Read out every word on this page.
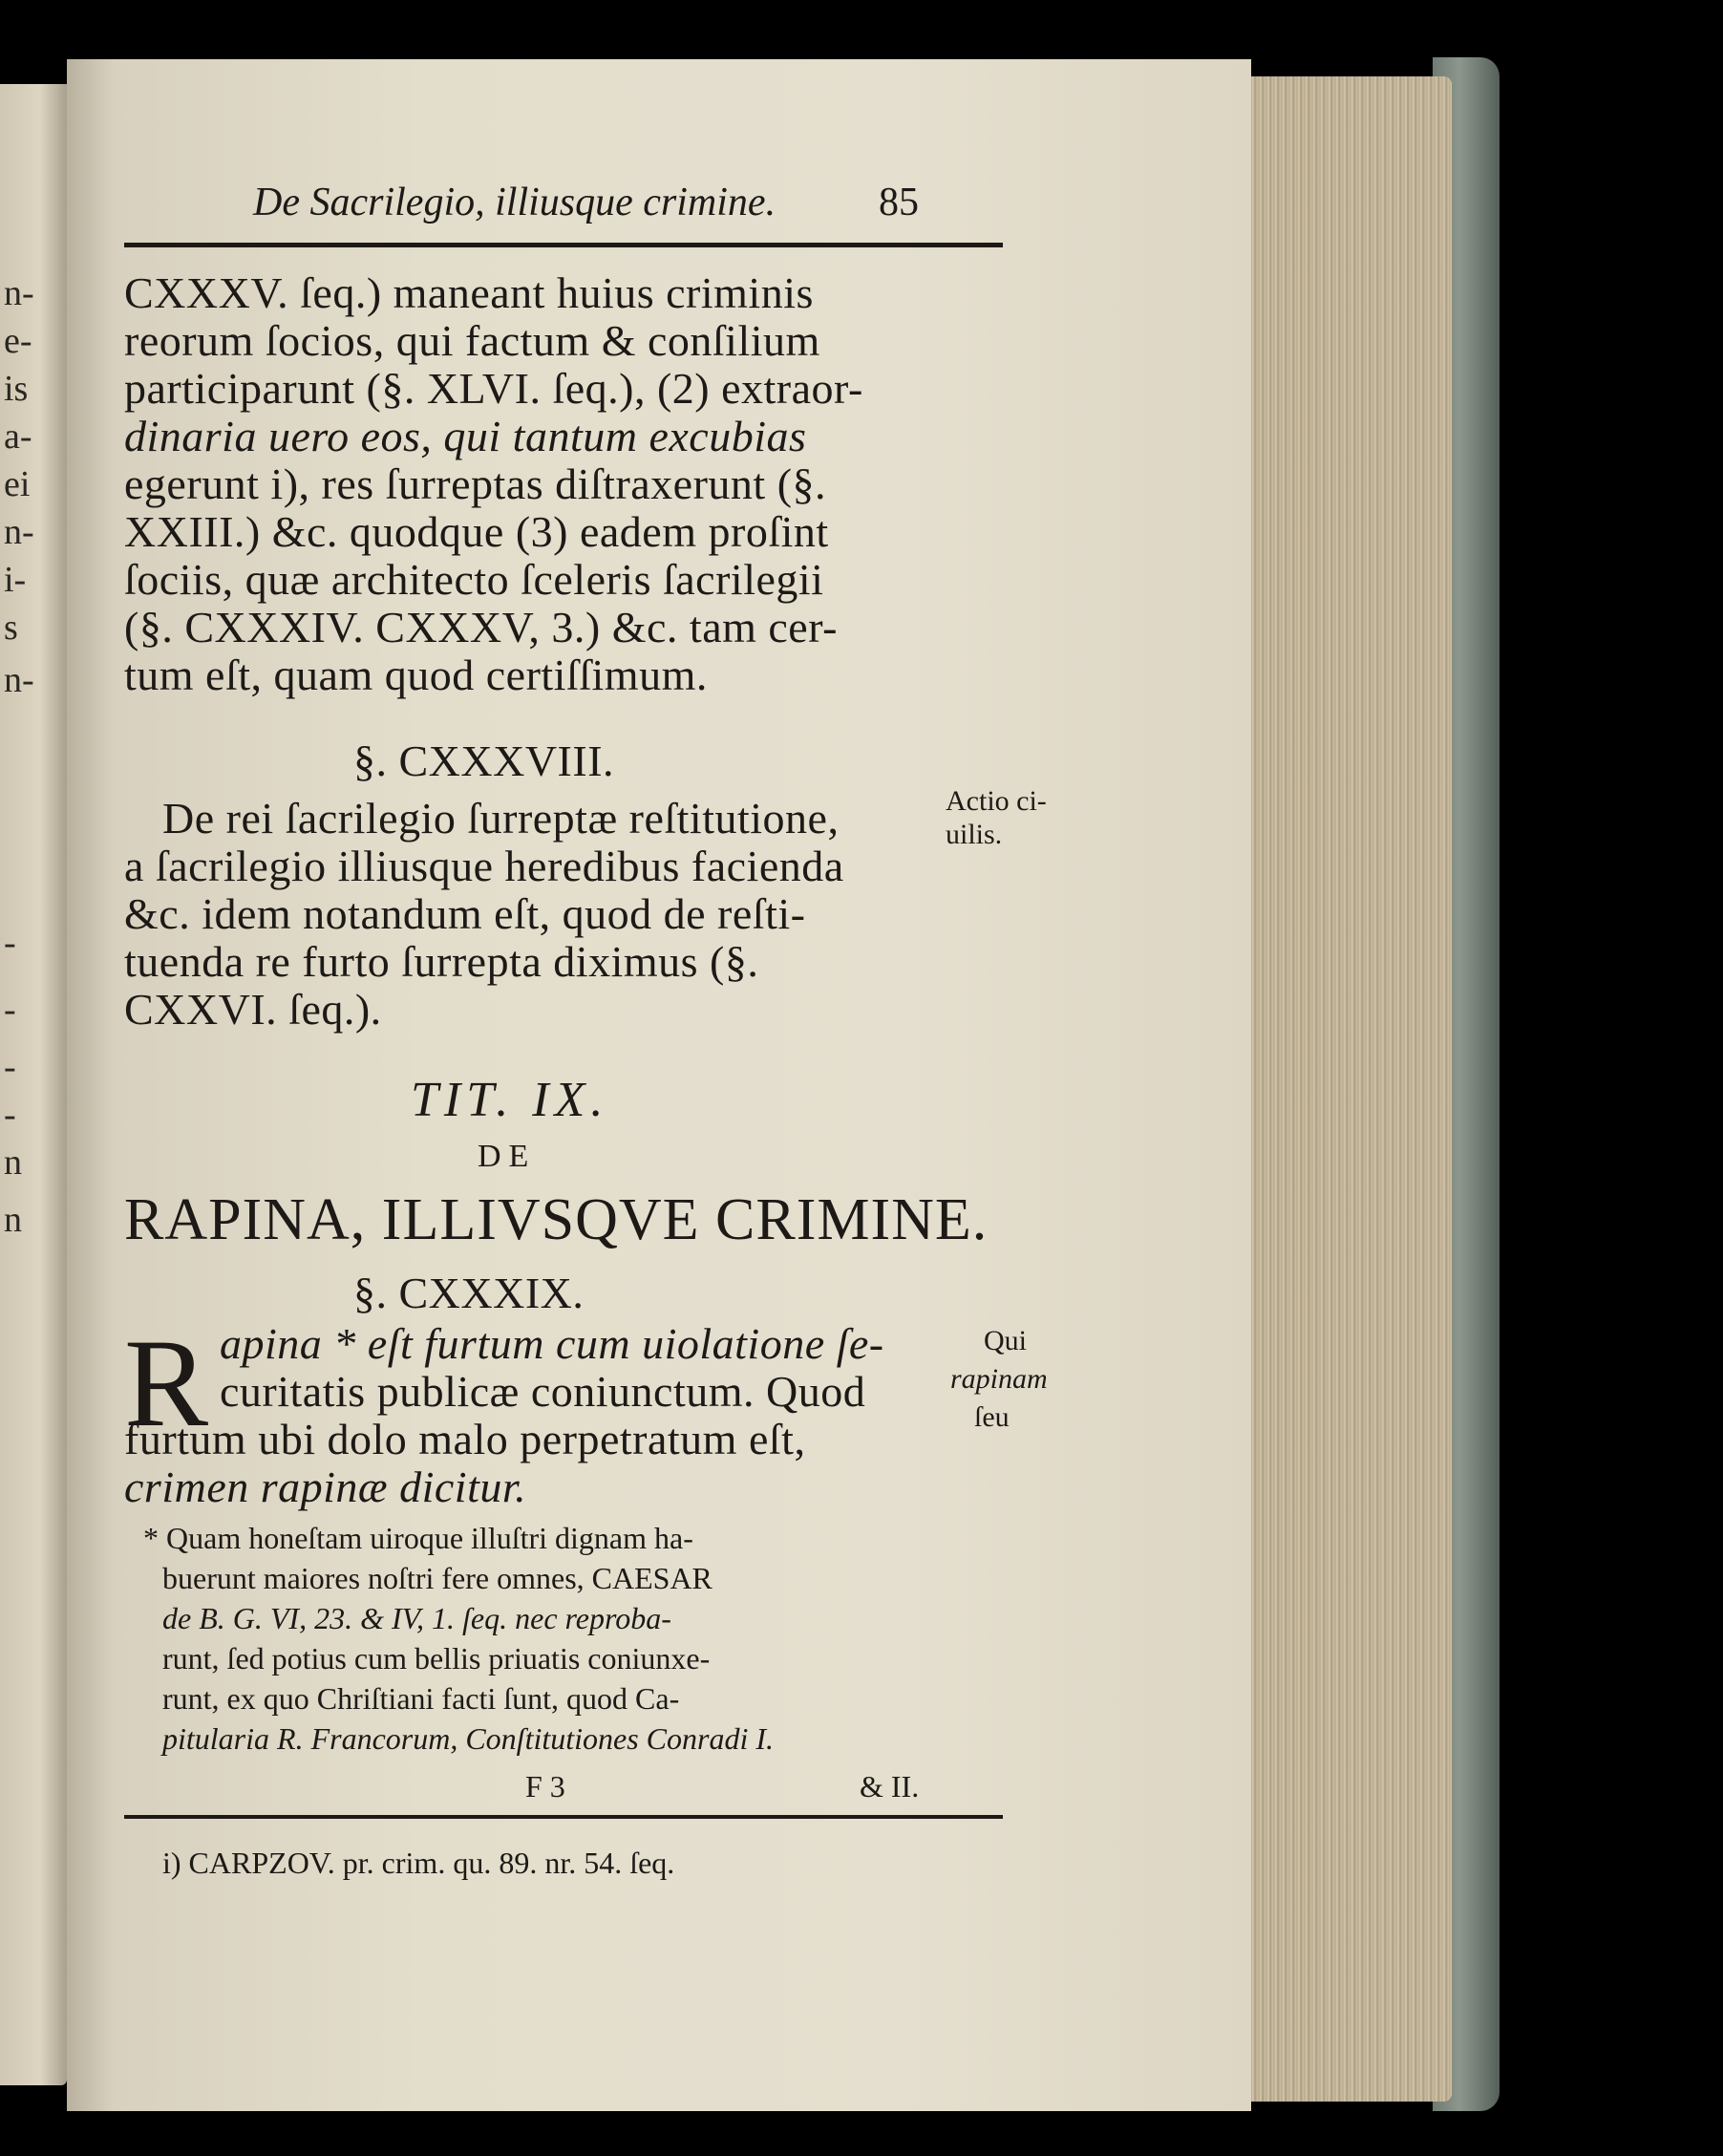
n-
e-
is
a-
ei
n-
i-
s
n-
-
-
-
-
n
n
De Sacrilegio, illiusque crimine.	85
CXXXV. ſeq.) maneant huius criminis
reorum ſocios, qui factum & conſilium
participarunt (§. XLVI. ſeq.), (2) extraor-
dinaria uero eos, qui tantum excubias
egerunt i), res ſurreptas diſtraxerunt (§.
XXIII.) &c. quodque (3) eadem proſint
ſociis, quæ architecto ſceleris ſacrilegii
(§. CXXXIV. CXXXV, 3.) &c. tam cer-
tum eſt, quam quod certiſſimum.
§. CXXXVIII.
De rei ſacrilegio ſurreptæ reſtitutione,
a ſacrilegio illiusque heredibus facienda
&c. idem notandum eſt, quod de reſti-
tuenda re furto ſurrepta diximus (§.
CXXVI. ſeq.).
Actio ci-
uilis.
TIT. IX.
DE
RAPINA, ILLIVSQVE CRIMINE.
§. CXXXIX.
R apina * eſt furtum cum uiolatione ſe-
curitatis publicæ coniunctum. Quod
furtum ubi dolo malo perpetratum eſt,
crimen rapinæ dicitur.
Qui
rapinam
ſeu
* Quam honeſtam uiroque illuſtri dignam ha-
buerunt maiores noſtri fere omnes, CAESAR
de B. G. VI, 23. & IV, 1. ſeq. nec reproba-
runt, ſed potius cum bellis priuatis coniunxe-
runt, ex quo Chriſtiani facti ſunt, quod Ca-
pitularia R. Francorum, Conſtitutiones Conradi I.
F 3	& II.
i) CARPZOV. pr. crim. qu. 89. nr. 54. ſeq.
